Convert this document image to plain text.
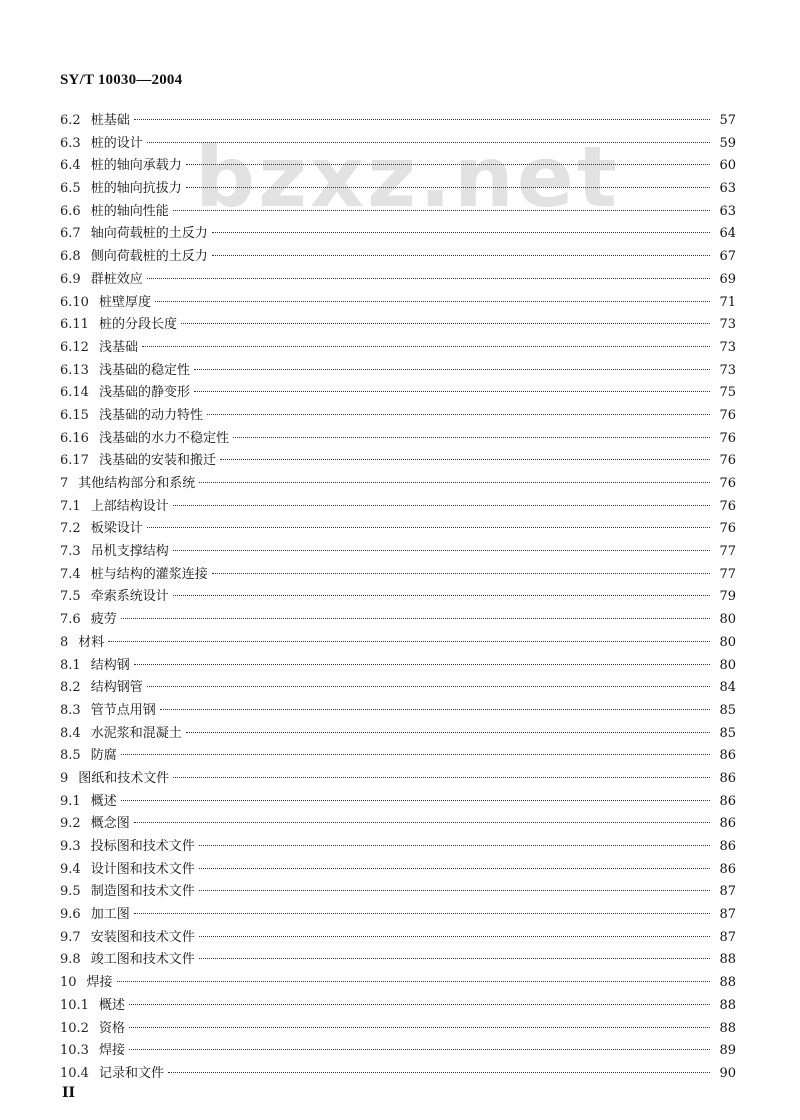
SY/T 10030—2004
bzxz.net
6.2 桩基础	57
6.3 桩的设计	59
6.4 桩的轴向承载力	60
6.5 桩的轴向抗拔力	63
6.6 桩的轴向性能	63
6.7 轴向荷载桩的土反力	64
6.8 侧向荷载桩的土反力	67
6.9 群桩效应	69
6.10 桩壁厚度	71
6.11 桩的分段长度	73
6.12 浅基础	73
6.13 浅基础的稳定性	73
6.14 浅基础的静变形	75
6.15 浅基础的动力特性	76
6.16 浅基础的水力不稳定性	76
6.17 浅基础的安装和搬迁	76
7 其他结构部分和系统	76
7.1 上部结构设计	76
7.2 板梁设计	76
7.3 吊机支撑结构	77
7.4 桩与结构的灌浆连接	77
7.5 牵索系统设计	79
7.6 疲劳	80
8 材料	80
8.1 结构钢	80
8.2 结构钢管	84
8.3 管节点用钢	85
8.4 水泥浆和混凝土	85
8.5 防腐	86
9 图纸和技术文件	86
9.1 概述	86
9.2 概念图	86
9.3 投标图和技术文件	86
9.4 设计图和技术文件	86
9.5 制造图和技术文件	87
9.6 加工图	87
9.7 安装图和技术文件	87
9.8 竣工图和技术文件	88
10 焊接	88
10.1 概述	88
10.2 资格	88
10.3 焊接	89
10.4 记录和文件	90
II
